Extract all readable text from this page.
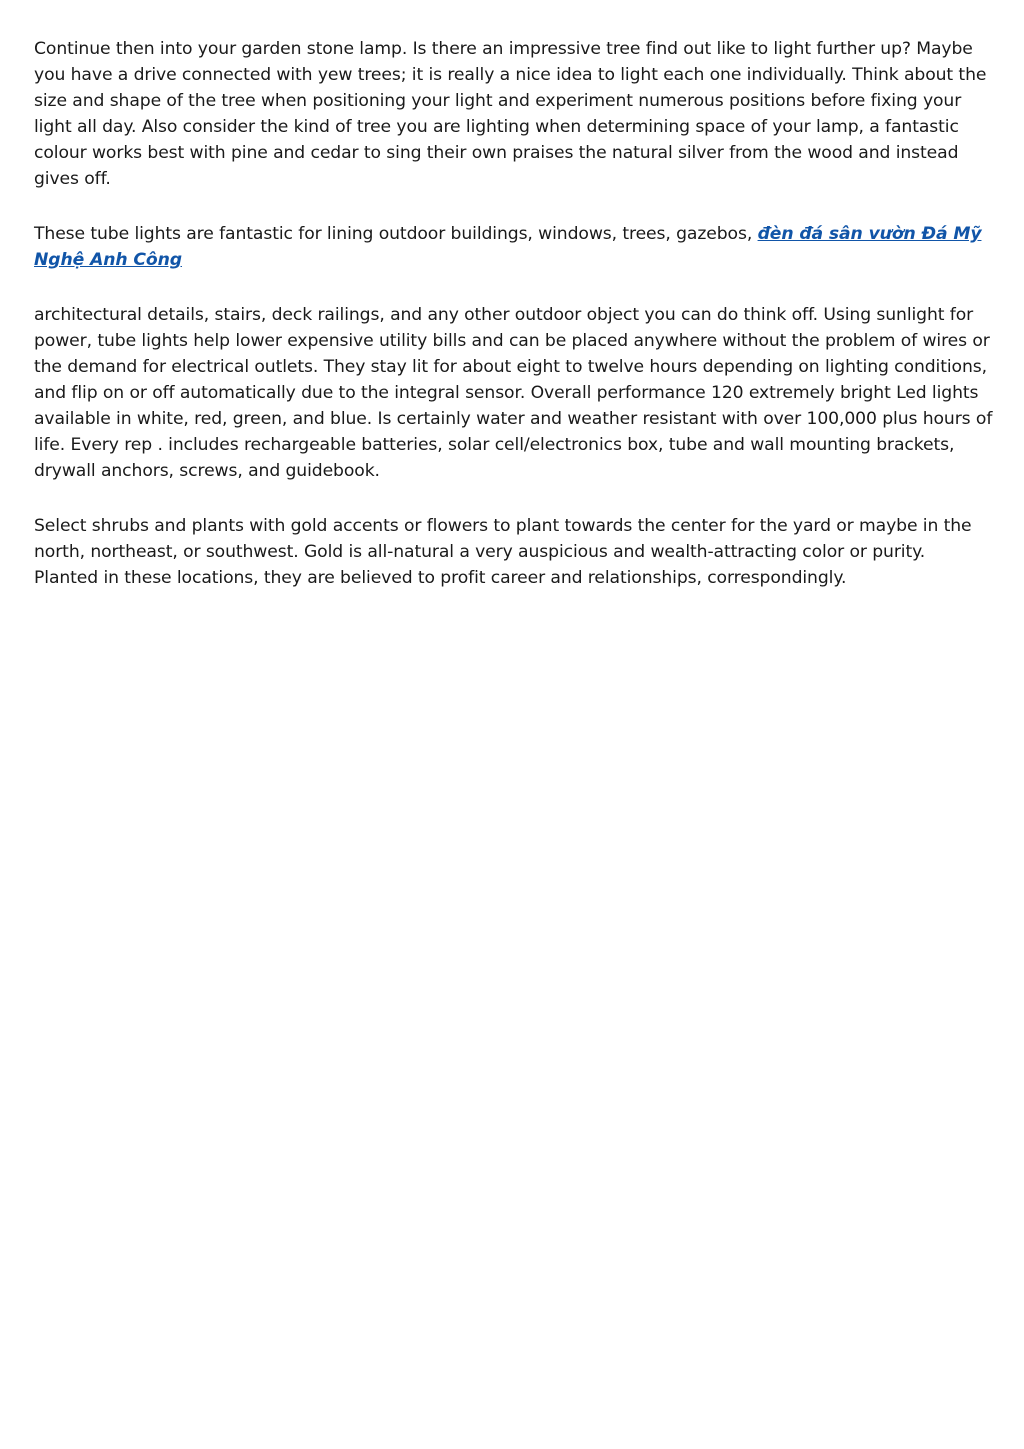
Continue then into your garden stone lamp. Is there an impressive tree find out like to light further up? Maybe you have a drive connected with yew trees; it is really a nice idea to light each one individually. Think about the size and shape of the tree when positioning your light and experiment numerous positions before fixing your light all day. Also consider the kind of tree you are lighting when determining space of your lamp, a fantastic colour works best with pine and cedar to sing their own praises the natural silver from the wood and instead gives off.

These tube lights are fantastic for lining outdoor buildings, windows, trees, gazebos, đèn đá sân vườn Đá Mỹ Nghệ Anh Công

architectural details, stairs, deck railings, and any other outdoor object you can do think off. Using sunlight for power, tube lights help lower expensive utility bills and can be placed anywhere without the problem of wires or the demand for electrical outlets. They stay lit for about eight to twelve hours depending on lighting conditions, and flip on or off automatically due to the integral sensor. Overall performance 120 extremely bright Led lights available in white, red, green, and blue. Is certainly water and weather resistant with over 100,000 plus hours of life. Every rep . includes rechargeable batteries, solar cell/electronics box, tube and wall mounting brackets, drywall anchors, screws, and guidebook.

Select shrubs and plants with gold accents or flowers to plant towards the center for the yard or maybe in the north, northeast, or southwest. Gold is all-natural a very auspicious and wealth-attracting color or purity. Planted in these locations, they are believed to profit career and relationships, correspondingly.
